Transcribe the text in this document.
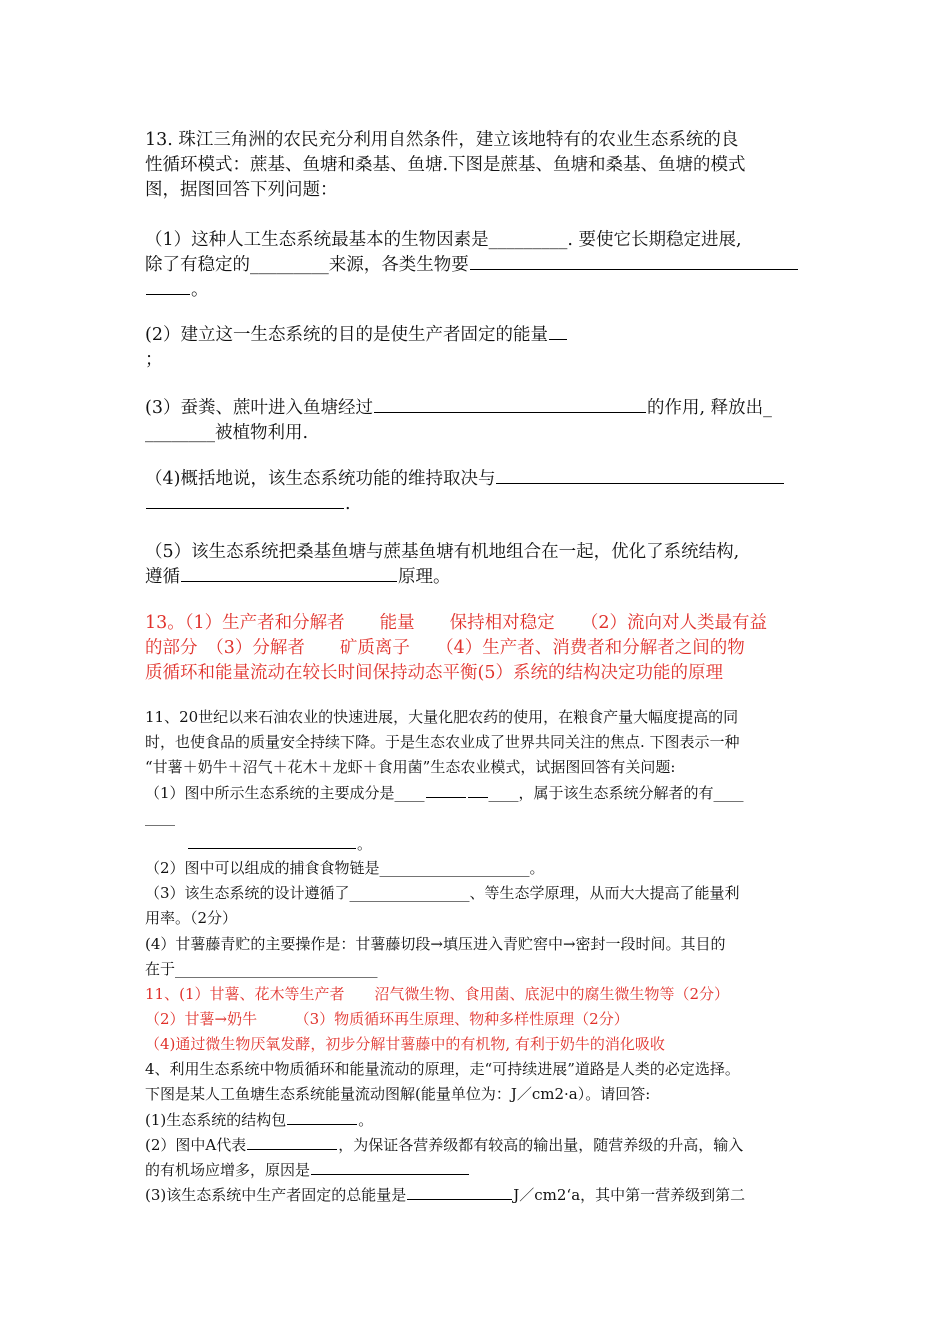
13. 珠江三角洲的农民充分利用自然条件，建立该地特有的农业生态系统的良
性循环模式：蔗基、鱼塘和桑基、鱼塘.下图是蔗基、鱼塘和桑基、鱼塘的模式
图，据图回答下列问题：
（1）这种人工生态系统最基本的生物因素是_________. 要使它长期稳定进展,
除了有稳定的_________来源，各类生物要
。
(2）建立这一生态系统的目的是使生产者固定的能量
；
(3）蚕粪、蔗叶进入鱼塘经过	的作用, 释放出_
________被植物利用.
（4)概括地说，该生态系统功能的维持取决与
.
（5）该生态系统把桑基鱼塘与蔗基鱼塘有机地组合在一起，优化了系统结构,
遵循	原理。
13。（1）生产者和分解者　　能量　　保持相对稳定　　（2）流向对人类最有益
的部分　（3）分解者　　矿质离子　　（4）生产者、消费者和分解者之间的物
质循环和能量流动在较长时间保持动态平衡(5）系统的结构决定功能的原理
11、20世纪以来石油农业的快速进展，大量化肥农药的使用，在粮食产量大幅度提高的同
时，也使食品的质量安全持续下降。于是生态农业成了世界共同关注的焦点. 下图表示一种
“甘薯＋奶牛＋沼气＋花木＋龙虾＋食用菌”生态农业模式，试据图回答有关问题:
（1）图中所示生态系统的主要成分是____	____，属于该生态系统分解者的有____
____
。
（2）图中可以组成的捕食食物链是____________________。
（3）该生态系统的设计遵循了________________、等生态学原理，从而大大提高了能量利
用率。（2分）
(4）甘薯藤青贮的主要操作是：甘薯藤切段→填压进入青贮窖中→密封一段时间。其目的
在于___________________________
11、(1）甘薯、花木等生产者　　沼气微生物、食用菌、底泥中的腐生微生物等（2分）
（2）甘薯→奶牛　　　（3）物质循环再生原理、物种多样性原理（2分）
（4)通过微生物厌氧发酵，初步分解甘薯藤中的有机物, 有利于奶牛的消化吸收
4、利用生态系统中物质循环和能量流动的原理，走“可持续进展”道路是人类的必定选择。
下图是某人工鱼塘生态系统能量流动图解(能量单位为：J／cm2·a）。请回答:
(1)生态系统的结构包	。
(2）图中A代表	，为保证各营养级都有较高的输出量，随营养级的升高，输入
的有机场应增多，原因是
(3)该生态系统中生产者固定的总能量是	J／cm2‘a，其中第一营养级到第二
